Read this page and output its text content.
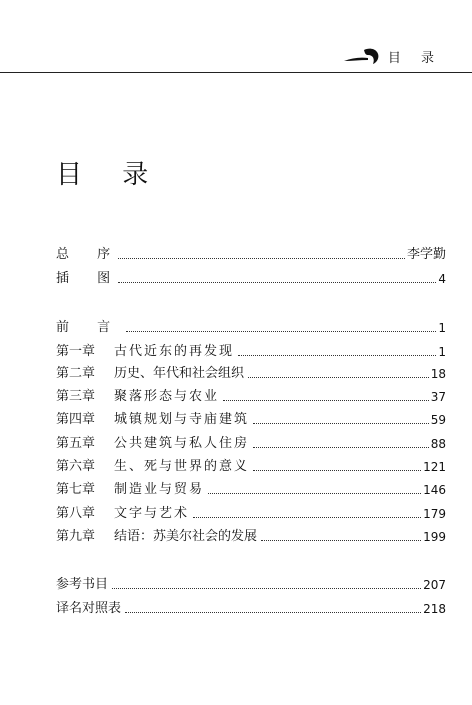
目 录
目 录
总 序	李学勤
插 图	4
前 言	1
第一章	古代近东的再发现	1
第二章	历史、年代和社会组织	18
第三章	聚落形态与农业	37
第四章	城镇规划与寺庙建筑	59
第五章	公共建筑与私人住房	88
第六章	生、死与世界的意义	121
第七章	制造业与贸易	146
第八章	文字与艺术	179
第九章	结语：苏美尔社会的发展	199
参考书目	207
译名对照表	218
